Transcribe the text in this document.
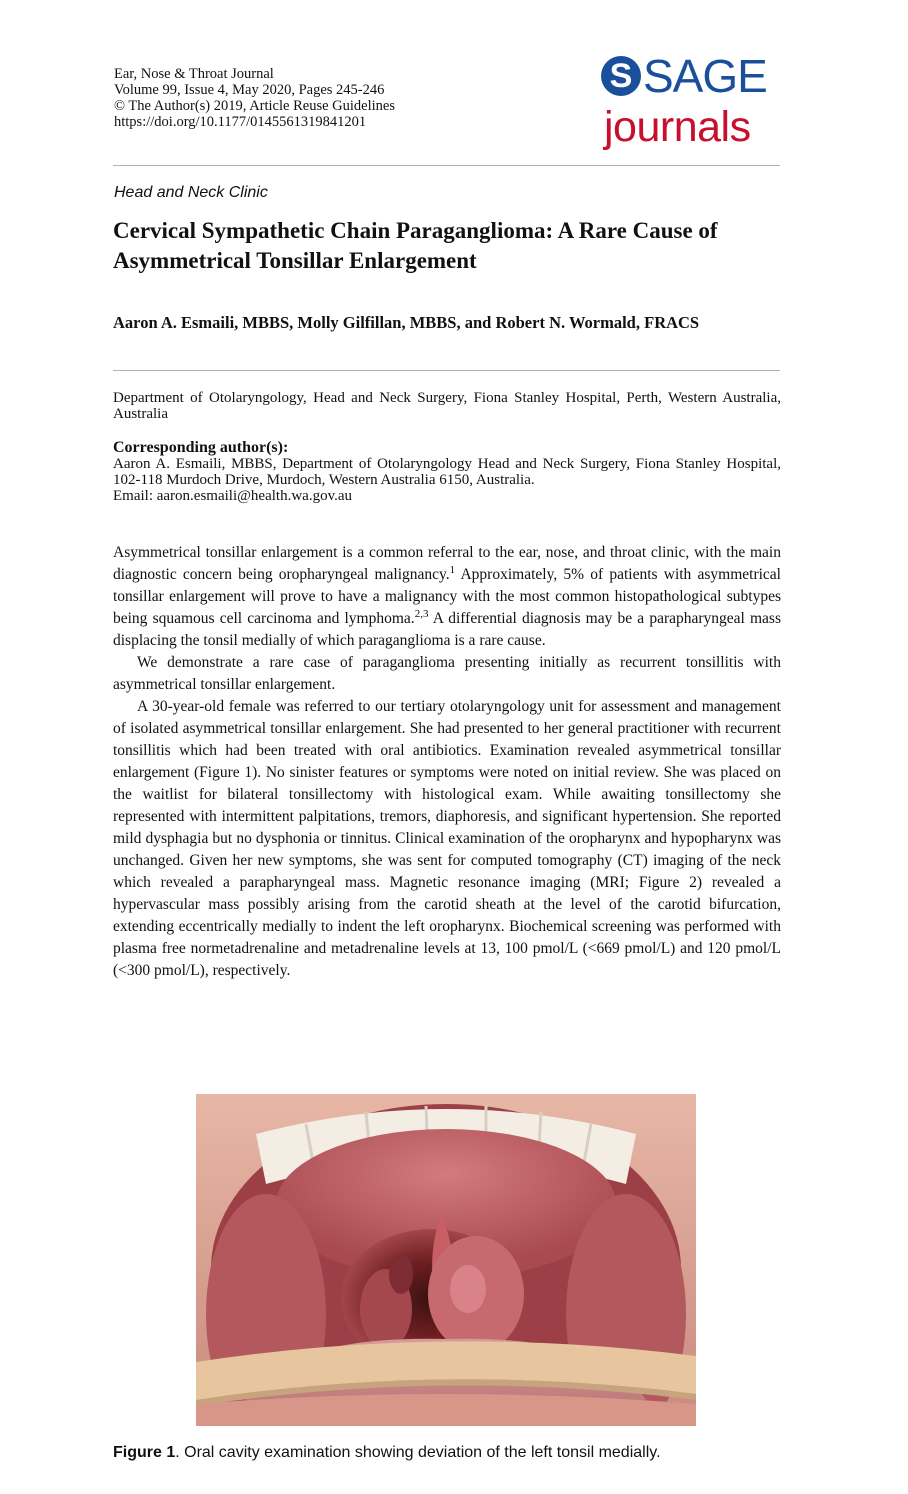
Ear, Nose & Throat Journal
Volume 99, Issue 4, May 2020, Pages 245-246
© The Author(s) 2019, Article Reuse Guidelines
https://doi.org/10.1177/0145561319841201
S SAGE
journals
Head and Neck Clinic
Cervical Sympathetic Chain Paraganglioma: A Rare Cause of
Asymmetrical Tonsillar Enlargement
Aaron A. Esmaili, MBBS, Molly Gilfillan, MBBS, and Robert N. Wormald, FRACS
Department of Otolaryngology, Head and Neck Surgery, Fiona Stanley Hospital, Perth, Western Australia, Australia
Corresponding author(s):
Aaron A. Esmaili, MBBS, Department of Otolaryngology Head and Neck Surgery, Fiona Stanley Hospital, 102-118 Murdoch Drive, Murdoch, Western Australia 6150, Australia.
Email: aaron.esmaili@health.wa.gov.au

Asymmetrical tonsillar enlargement is a common referral to the ear, nose, and throat clinic, with the main diagnostic concern being oropharyngeal malignancy.$^1$ Approximately, 5% of patients with asymmetrical tonsillar enlargement will prove to have a malignancy with the most common histopathological subtypes being squamous cell carcinoma and lymphoma.$^{2,3}$ A differential diagnosis may be a parapharyngeal mass displacing the tonsil medially of which paraganglioma is a rare cause.

We demonstrate a rare case of paraganglioma presenting initially as recurrent tonsillitis with asymmetrical tonsillar enlargement.

A 30-year-old female was referred to our tertiary otolaryngology unit for assessment and management of isolated asymmetrical tonsillar enlargement. She had presented to her general practitioner with recurrent tonsillitis which had been treated with oral antibiotics. Examination revealed asymmetrical tonsillar enlargement (Figure 1). No sinister features or symptoms were noted on initial review. She was placed on the waitlist for bilateral tonsillectomy with histological exam. While awaiting tonsillectomy she represented with intermittent palpitations, tremors, diaphoresis, and significant hypertension. She reported mild dysphagia but no dysphonia or tinnitus. Clinical examination of the oropharynx and hypopharynx was unchanged. Given her new symptoms, she was sent for computed tomography (CT) imaging of the neck which revealed a parapharyngeal mass. Magnetic resonance imaging (MRI; Figure 2) revealed a hypervascular mass possibly arising from the carotid sheath at the level of the carotid bifurcation, extending eccentrically medially to indent the left oropharynx. Biochemical screening was performed with plasma free normetadrenaline and metadrenaline levels at 13, 100 pmol/L (<669 pmol/L) and 120 pmol/L (<300 pmol/L), respectively.

Figure 1. Oral cavity examination showing deviation of the left tonsil medially.
